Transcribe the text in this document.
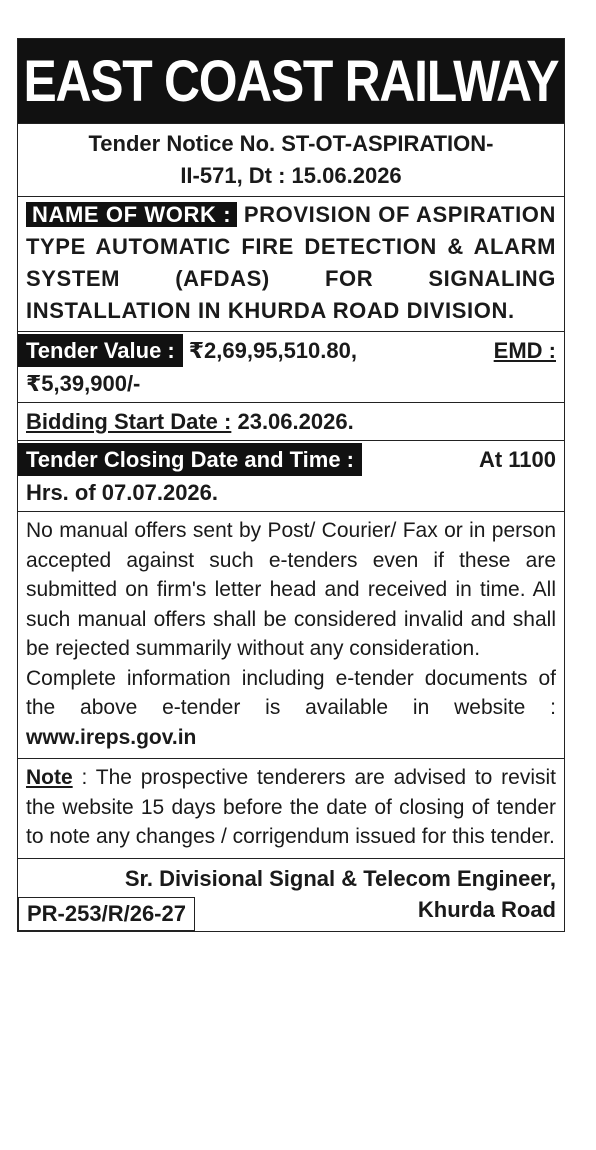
EAST COAST RAILWAY
Tender Notice No. ST-OT-ASPIRATION-
II-571, Dt : 15.06.2026
NAME OF WORK : PROVISION OF ASPIRATION TYPE AUTOMATIC FIRE DETECTION & ALARM SYSTEM (AFDAS) FOR SIGNALING INSTALLATION IN KHURDA ROAD DIVISION.
Tender Value : ₹2,69,95,510.80,	EMD :
₹5,39,900/-
Bidding Start Date : 23.06.2026.
Tender Closing Date and Time :	At 1100
Hrs. of 07.07.2026.
No manual offers sent by Post/ Courier/ Fax or in person accepted against such e-tenders even if these are submitted on firm's letter head and received in time. All such manual offers shall be considered invalid and shall be rejected summarily without any consideration.
Complete information including e-tender documents of the above e-tender is available in website : www.ireps.gov.in
Note : The prospective tenderers are advised to revisit the website 15 days before the date of closing of tender to note any changes / corrigendum issued for this tender.
Sr. Divisional Signal & Telecom Engineer,
PR-253/R/26-27	Khurda Road
